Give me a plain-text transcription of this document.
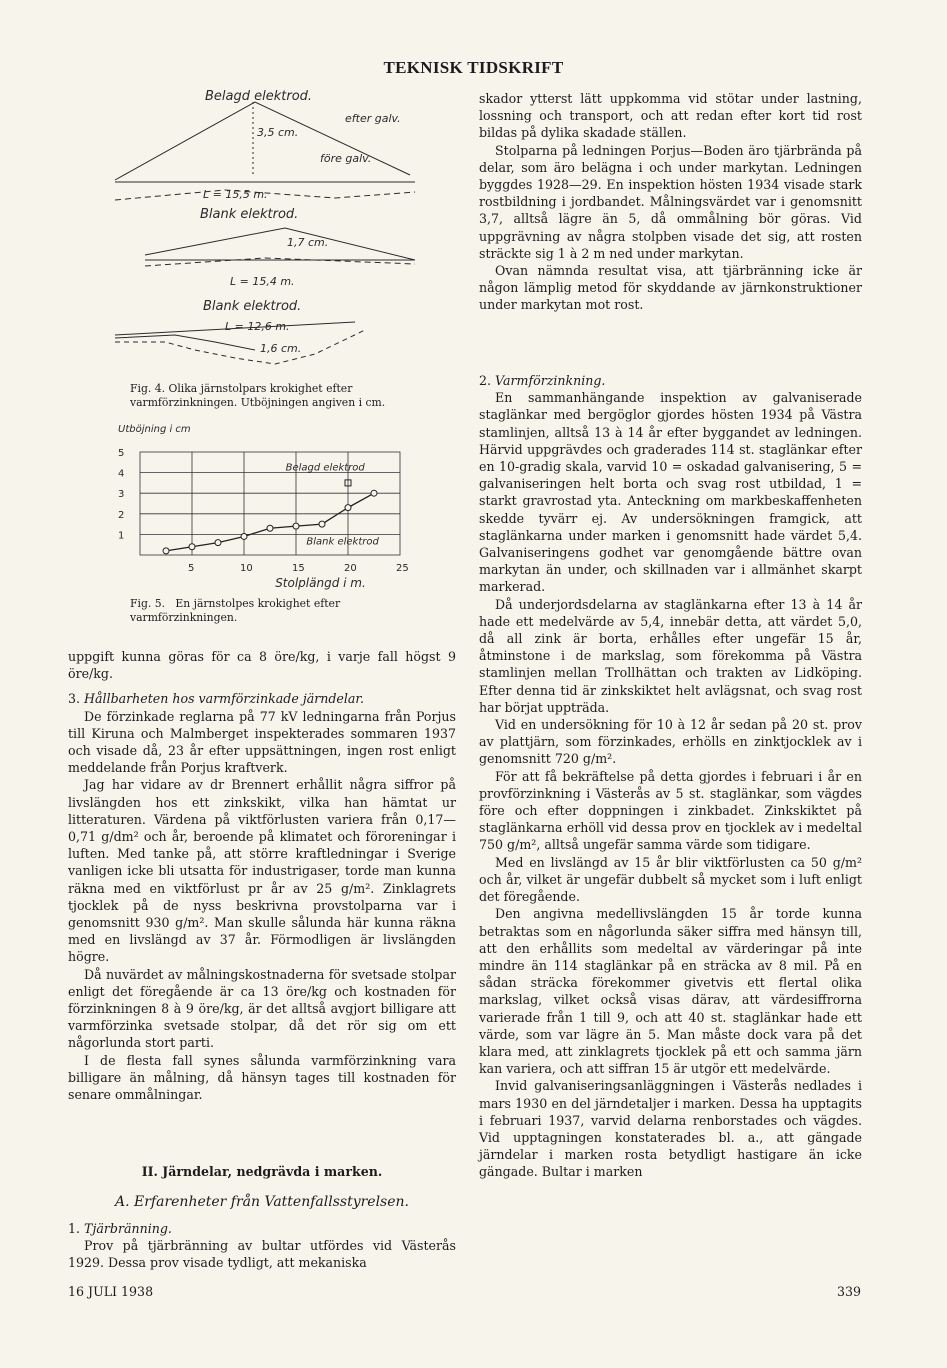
TEKNISK TIDSKRIFT
Belagd elektrod.
efter galv.
3,5 cm.
före galv.
L = 15,5 m.
Blank elektrod.
1,7 cm.
L = 15,4 m.
Blank elektrod.
L = 12,6 m.
1,6 cm.
Fig. 4. Olika järnstolpars krokighet efter varmförzinkningen. Utböjningen angiven i cm.
Utböjning i cm
1
2
3
4
5
5	10	15	20	25
Stolplängd i m.
Belagd elektrod
Blank elektrod
Fig. 5. En järnstolpes krokighet efter varmförzinkningen.

uppgift kunna göras för ca 8 öre/kg, i varje fall högst 9 öre/kg.

3. Hållbarheten hos varmförzinkade järndelar.

De förzinkade reglarna på 77 kV ledningarna från Porjus till Kiruna och Malmberget inspekterades sommaren 1937 och visade då, 23 år efter uppsättningen, ingen rost enligt meddelande från Porjus kraftverk.

Jag har vidare av dr Brennert erhållit några siffror på livslängden hos ett zinkskikt, vilka han hämtat ur litteraturen. Värdena på viktförlusten variera från 0,17—0,71 g/dm² och år, beroende på klimatet och föroreningar i luften. Med tanke på, att större kraftledningar i Sverige vanligen icke bli utsatta för industrigaser, torde man kunna räkna med en viktförlust pr år av 25 g/m². Zinklagrets tjocklek på de nyss beskrivna provstolparna var i genomsnitt 930 g/m². Man skulle sålunda här kunna räkna med en livslängd av 37 år. Förmodligen är livslängden högre.

Då nuvärdet av målningskostnaderna för svetsade stolpar enligt det föregående är ca 13 öre/kg och kostnaden för förzinkningen 8 à 9 öre/kg, är det alltså avgjort billigare att varmförzinka svetsade stolpar, då det rör sig om ett någorlunda stort parti.

I de flesta fall synes sålunda varmförzinkning vara billigare än målning, då hänsyn tages till kostnaden för senare ommålningar.

II. Järndelar, nedgrävda i marken.

A. Erfarenheter från Vattenfallsstyrelsen.

1. Tjärbränning.

Prov på tjärbränning av bultar utfördes vid Västerås 1929. Dessa prov visade tydligt, att mekaniska

skador ytterst lätt uppkomma vid stötar under lastning, lossning och transport, och att redan efter kort tid rost bildas på dylika skadade ställen.

Stolparna på ledningen Porjus—Boden äro tjärbrända på delar, som äro belägna i och under markytan. Ledningen byggdes 1928—29. En inspektion hösten 1934 visade stark rostbildning i jordbandet. Målningsvärdet var i genomsnitt 3,7, alltså lägre än 5, då ommålning bör göras. Vid uppgrävning av några stolpben visade det sig, att rosten sträckte sig 1 à 2 m ned under markytan.

Ovan nämnda resultat visa, att tjärbränning icke är någon lämplig metod för skyddande av järnkonstruktioner under markytan mot rost.

2. Varmförzinkning.

En sammanhängande inspektion av galvaniserade staglänkar med bergöglor gjordes hösten 1934 på Västra stamlinjen, alltså 13 à 14 år efter byggandet av ledningen. Härvid uppgrävdes och graderades 114 st. staglänkar efter en 10-gradig skala, varvid 10 = oskadad galvanisering, 5 = galvaniseringen helt borta och svag rost utbildad, 1 = starkt gravrostad yta. Anteckning om markbeskaffenheten skedde tyvärr ej. Av undersökningen framgick, att staglänkarna under marken i genomsnitt hade värdet 5,4. Galvaniseringens godhet var genomgående bättre ovan markytan än under, och skillnaden var i allmänhet skarpt markerad.

Då underjordsdelarna av staglänkarna efter 13 à 14 år hade ett medelvärde av 5,4, innebär detta, att värdet 5,0, då all zink är borta, erhålles efter ungefär 15 år, åtminstone i de markslag, som förekomma på Västra stamlinjen mellan Trollhättan och trakten av Lidköping. Efter denna tid är zinkskiktet helt avlägsnat, och svag rost har börjat uppträda.

Vid en undersökning för 10 à 12 år sedan på 20 st. prov av plattjärn, som förzinkades, erhölls en zinktjocklek av i genomsnitt 720 g/m².

För att få bekräftelse på detta gjordes i februari i år en provförzinkning i Västerås av 5 st. staglänkar, som vägdes före och efter doppningen i zinkbadet. Zinkskiktet på staglänkarna erhöll vid dessa prov en tjocklek av i medeltal 750 g/m², alltså ungefär samma värde som tidigare.

Med en livslängd av 15 år blir viktförlusten ca 50 g/m² och år, vilket är ungefär dubbelt så mycket som i luft enligt det föregående.

Den angivna medellivslängden 15 år torde kunna betraktas som en någorlunda säker siffra med hänsyn till, att den erhållits som medeltal av värderingar på inte mindre än 114 staglänkar på en sträcka av 8 mil. På en sådan sträcka förekommer givetvis ett flertal olika markslag, vilket också visas därav, att värdesiffrorna varierade från 1 till 9, och att 40 st. staglänkar hade ett värde, som var lägre än 5. Man måste dock vara på det klara med, att zinklagrets tjocklek på ett och samma järn kan variera, och att siffran 15 är utgör ett medelvärde.

Invid galvaniseringsanläggningen i Västerås nedlades i mars 1930 en del järndetaljer i marken. Dessa ha upptagits i februari 1937, varvid delarna renborstades och vägdes. Vid upptagningen konstaterades bl. a., att gängade järndelar i marken rosta betydligt hastigare än icke gängade. Bultar i marken

16 JULI 1938	339
